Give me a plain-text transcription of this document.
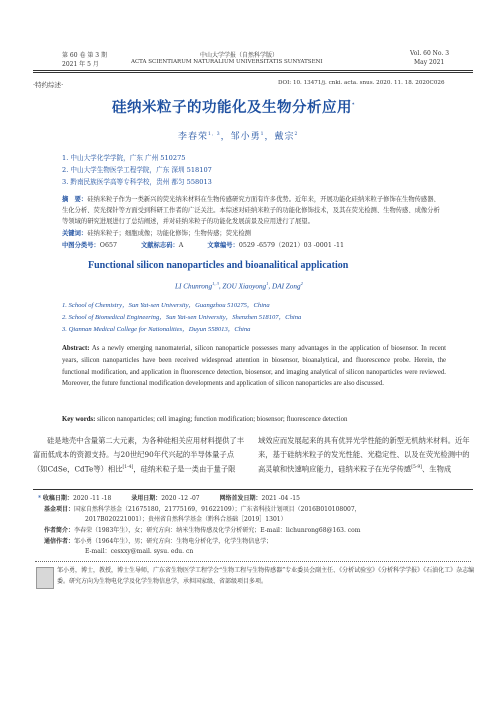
第 60 卷 第 3 期
2021 年 5 月
中山大学学报（自然科学版）
ACTA SCIENTIARUM NATURALIUM UNIVERSITATIS SUNYATSENI
Vol. 60 No. 3
May 2021
·特约综述·	DOI: 10. 13471/j. cnki. acta. snus. 2020. 11. 18. 2020C026
硅纳米粒子的功能化及生物分析应用*
李春荣$^{1, 3}$，邹小勇$^1$，戴宗$^2$
1. 中山大学化学学院，广东 广州 510275
2. 中山大学生物医学工程学院，广东 深圳 518107
3. 黔南民族医学高等专科学校，贵州 都匀 558013
摘　要：硅纳米粒子作为一类新兴的荧光纳米材料在生物传感研究方面有许多优势。近年来，开展功能化硅纳米粒子修饰在生物传感器、生化分析、荧光探针等方面受到科研工作者的广泛关注。本综述对硅纳米粒子的功能化修饰技术，及其在荧光检测、生物传感、成像分析等领域的研究进展进行了总结阐述，并对硅纳米粒子的功能化发展前景及应用进行了展望。
关键词：硅纳米粒子；细胞成像；功能化修饰；生物传感；荧光检测
中图分类号：O657	文献标志码：A	文章编号：0529 -6579（2021）03 -0001 -11
Functional silicon nanoparticles and bioanalitical application
LI Chunrong$^{1, 3}$, ZOU Xiaoyong$^1$, DAI Zong$^2$
1. School of Chemistry，Sun Yat-sen University，Guangzhou 510275，China
2. School of Biomedical Engineering，Sun Yat-sen University，Shenzhen 518107，China
3. Qiannan Medical College for Nationalities，Duyun 558013，China
Abstract: As a newly emerging nanomaterial, silicon nanoparticle possesses many advantages in the application of biosensor. In recent years, silicon nanoparticles have been received widespread attention in biosensor, bioanalytical, and fluorescence probe. Herein, the functional modification, and application in fluorescence detection, biosensor, and imaging analytical of silicon nanoparticles were reviewed. Moreover, the future functional modification developments and application of silicon nanoparticles are also discussed.
Key words: silicon nanoparticles; cell imaging; function modification; biosensor; fluorescence detection
硅是地壳中含量第二大元素，为各种硅相关应用材料提供了丰富而低成本的资源支持。与20世纪90年代兴起的半导体量子点（如CdSe，CdTe等）相比[1-4]，硅纳米粒子是一类由于量子限
域效应而发展起来的具有优异光学性能的新型无机纳米材料。近年来，基于硅纳米粒子的发光性能、光稳定性、以及在荧光检测中的高灵敏和快速响应能力，硅纳米粒子在光学传感[5-9]、生物成
* 收稿日期：2020 -11 -18	录用日期：2020 -12 -07	网络首发日期：2021 -04 -15
基金项目：国家自然科学基金（21675180，21775169，91622109）；广东省科技计划项目（2016B010108007，
2017B020221001）；贵州省自然科学基金（黔科合基础［2019］1301）
作者简介：李春荣（1983年生），女；研究方向：纳米生物传感及化学分析研究；E-mail：lichunrong68@163. com
通信作者：邹小勇（1964年生），男；研究方向：生物电分析化学，化学生物信息学；
E-mail：cesxxy@mail. sysu. edu. cn
邹小勇，博士，教授，博士生导师，广东省生物医学工程学会“生物工程与生物传感器”专业委员会副主任、《分析试验室》《分析科学学报》《石油化工》杂志编委。研究方向为生物电化学及化学生物信息学，承担国家级、省部级项目多项。
